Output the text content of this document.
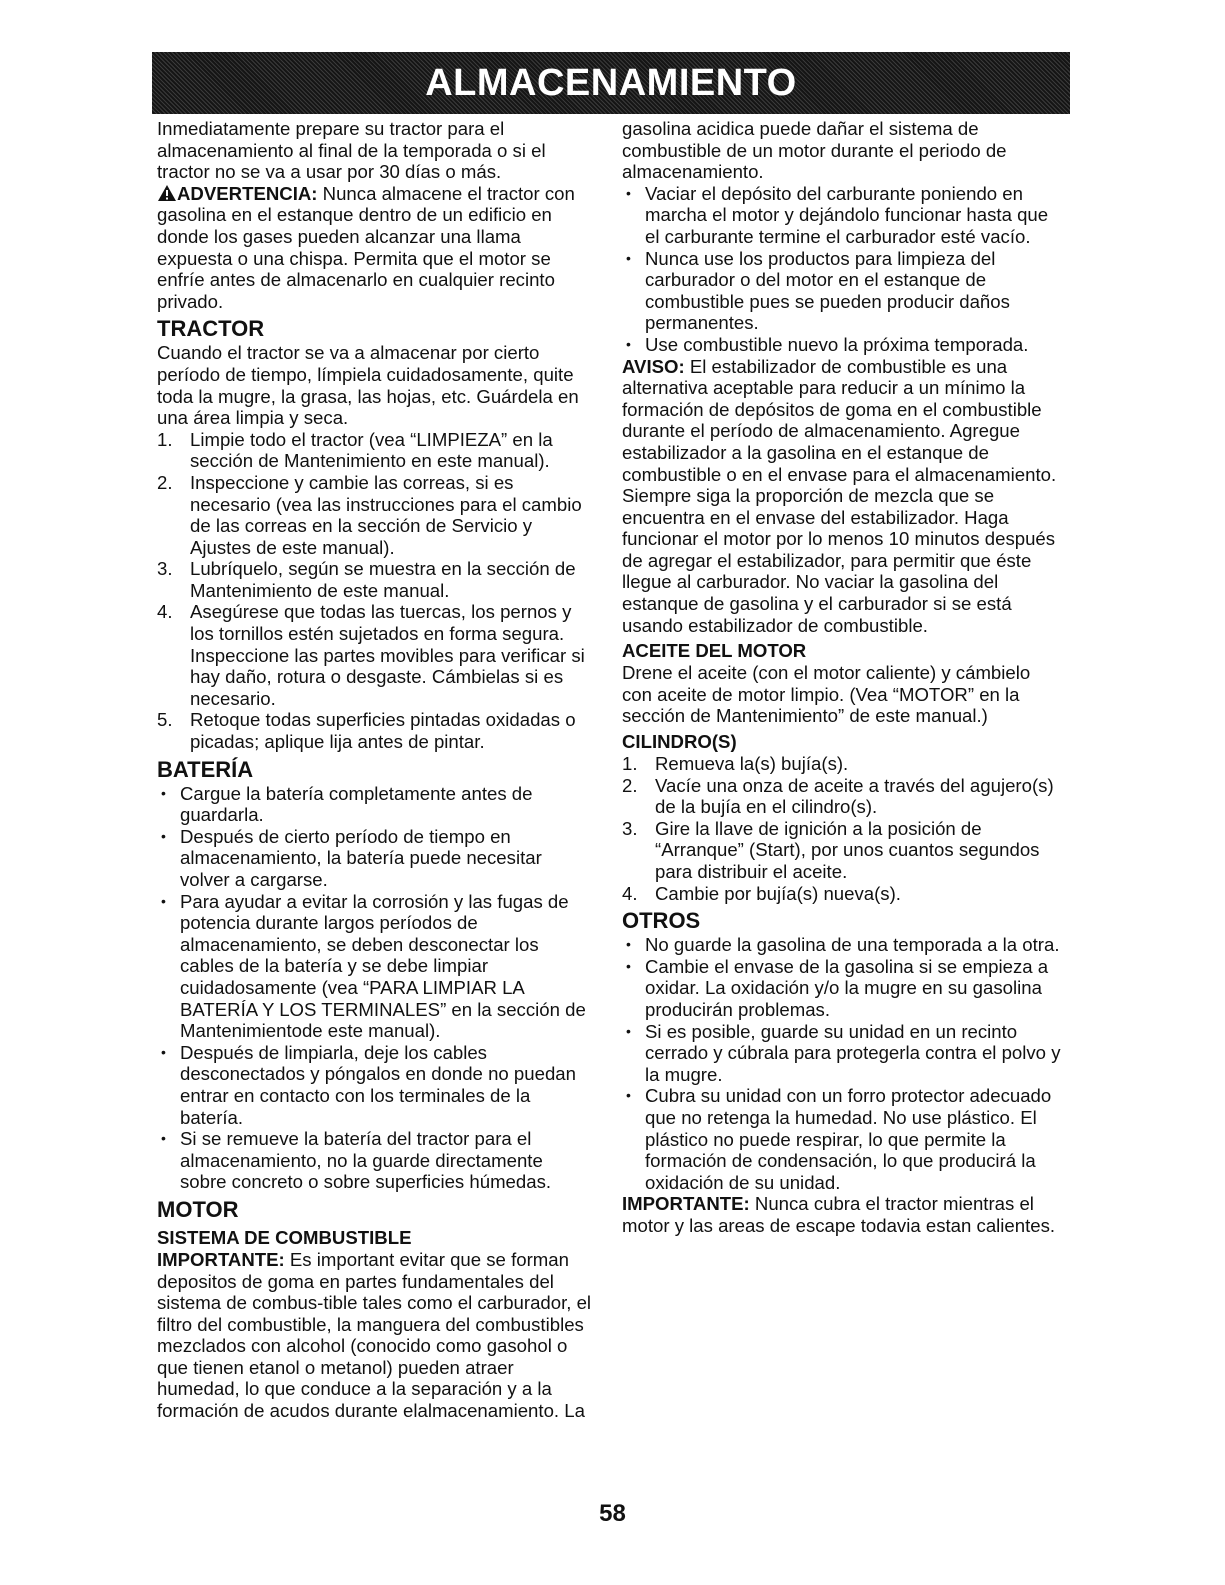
ALMACENAMIENTO

Inmediatamente prepare su tractor para el almacenamiento al final de la temporada o si el tractor no se va a usar por 30 días o más.

ADVERTENCIA: Nunca almacene el tractor con gasolina en el estanque dentro de un edificio en donde los gases pueden alcanzar una llama expuesta o una chispa. Permita que el motor se enfríe antes de almacenarlo en cualquier recinto privado.

TRACTOR

Cuando el tractor se va a almacenar por cierto período de tiempo, límpiela cuidadosamente, quite toda la mugre, la grasa, las hojas, etc. Guárdela en una área limpia y seca.

1. Limpie todo el tractor (vea “LIMPIEZA” en la sección de Mantenimiento en este manual).
2. Inspeccione y cambie las correas, si es necesario (vea las instrucciones para el cambio de las correas en la sección de Servicio y Ajustes de este manual).
3. Lubríquelo, según se muestra en la sección de Mantenimiento de este manual.
4. Asegúrese que todas las tuercas, los pernos y los tornillos estén sujetados en forma segura. Inspeccione las partes movibles para verificar si hay daño, rotura o desgaste. Cámbielas si es necesario.
5. Retoque todas superficies pintadas oxidadas o picadas; aplique lija antes de pintar.
BATERÍA
• Cargue la batería completamente antes de guardarla.
• Después de cierto período de tiempo en almacenamiento, la batería puede necesitar volver a cargarse.
• Para ayudar a evitar la corrosión y las fugas de potencia durante largos períodos de almacenamiento, se deben desconectar los cables de la batería y se debe limpiar cuidadosamente (vea “PARA LIMPIAR LA BATERÍA Y LOS TERMINALES” en la sección de Mantenimientode este manual).
• Después de limpiarla, deje los cables desconectados y póngalos en donde no puedan entrar en contacto con los terminales de la batería.
• Si se remueve la batería del tractor para el almacenamiento, no la guarde directamente sobre concreto o sobre superficies húmedas.
MOTOR
SISTEMA DE COMBUSTIBLE

IMPORTANTE: Es important evitar que se forman depositos de goma en partes fundamentales del sistema de combus-tible tales como el carburador, el filtro del combustible, la manguera del combustibles mezclados con alcohol (conocido como gasohol o que tienen etanol o metanol) pueden atraer humedad, lo que conduce a la separación y a la formación de acudos durante elalmacenamiento. La

gasolina acidica puede dañar el sistema de combustible de un motor durante el periodo de almacenamiento.

• Vaciar el depósito del carburante poniendo en marcha el motor y dejándolo funcionar hasta que el carburante termine el carburador esté vacío.
• Nunca use los productos para limpieza del carburador o del motor en el estanque de combustible pues se pueden producir daños permanentes.
• Use combustible nuevo la próxima temporada.

AVISO: El estabilizador de combustible es una alternativa aceptable para reducir a un mínimo la formación de depósitos de goma en el combustible durante el período de almacenamiento. Agregue estabilizador a la gasolina en el estanque de combustible o en el envase para el almacenamiento. Siempre siga la proporción de mezcla que se encuentra en el envase del estabilizador. Haga funcionar el motor por lo menos 10 minutos después de agregar el estabilizador, para permitir que éste llegue al carburador. No vaciar la gasolina del estanque de gasolina y el carburador si se está usando estabilizador de combustible.

ACEITE DEL MOTOR

Drene el aceite (con el motor caliente) y cámbielo con aceite de motor limpio. (Vea “MOTOR” en la sección de Mantenimiento” de este manual.)

CILINDRO(S)
1. Remueva la(s) bujía(s).
2. Vacíe una onza de aceite a través del agujero(s) de la bujía en el cilindro(s).
3. Gire la llave de ignición a la posición de “Arranque” (Start), por unos cuantos segundos para distribuir el aceite.
4. Cambie por bujía(s) nueva(s).
OTROS
• No guarde la gasolina de una temporada a la otra.
• Cambie el envase de la gasolina si se empieza a oxidar. La oxidación y/o la mugre en su gasolina producirán problemas.
• Si es posible, guarde su unidad en un recinto cerrado y cúbrala para protegerla contra el polvo y la mugre.
• Cubra su unidad con un forro protector adecuado que no retenga la humedad. No use plástico. El plástico no puede respirar, lo que permite la formación de condensación, lo que producirá la oxidación de su unidad.

IMPORTANTE: Nunca cubra el tractor mientras el motor y las areas de escape todavia estan calientes.

58
